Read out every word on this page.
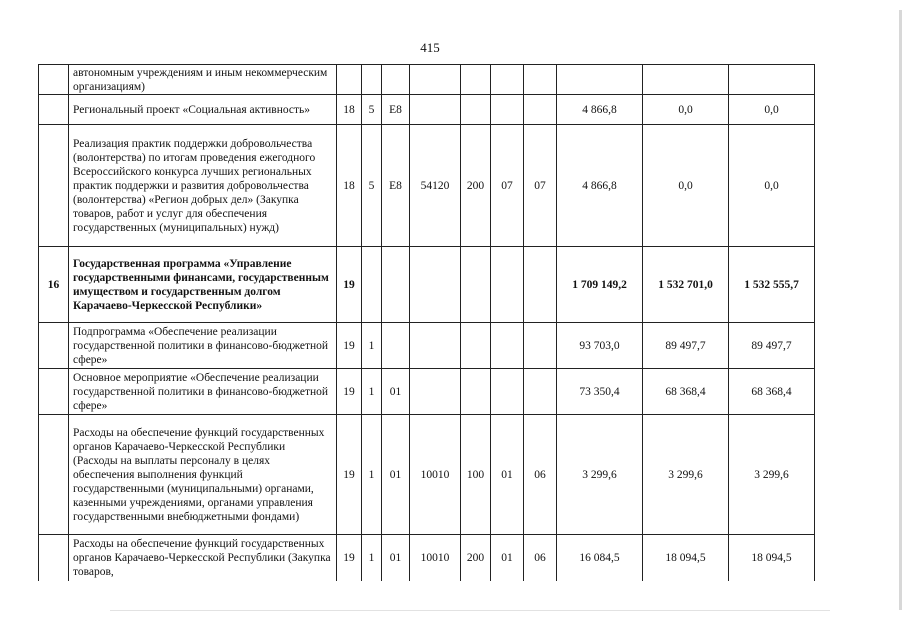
415
	автономным учреждениям и иным некоммерческим организациям)										
	Региональный проект «Социальная активность»	18	5	E8					4 866,8	0,0	0,0
	Реализация практик поддержки добровольчества (волонтерства) по итогам проведения ежегодного Всероссийского конкурса лучших региональных практик поддержки и развития добровольчества (волонтерства) «Регион добрых дел» (Закупка товаров, работ и услуг для обеспечения государственных (муниципальных) нужд)	18	5	E8	54120	200	07	07	4 866,8	0,0	0,0
16	Государственная программа «Управление государственными финансами, государственным имуществом и государственным долгом Карачаево-Черкесской Республики»	19							1 709 149,2	1 532 701,0	1 532 555,7
	Подпрограмма «Обеспечение реализации государственной политики в финансово-бюджетной сфере»	19	1						93 703,0	89 497,7	89 497,7
	Основное мероприятие «Обеспечение реализации государственной политики в финансово-бюджетной сфере»	19	1	01					73 350,4	68 368,4	68 368,4
	Расходы на обеспечение функций государственных органов Карачаево-Черкесской Республики (Расходы на выплаты персоналу в целях обеспечения выполнения функций государственными (муниципальными) органами, казенными учреждениями, органами управления государственными внебюджетными фондами)	19	1	01	10010	100	01	06	3 299,6	3 299,6	3 299,6
	Расходы на обеспечение функций государственных органов Карачаево-Черкесской Республики (Закупка товаров,	19	1	01	10010	200	01	06	16 084,5	18 094,5	18 094,5
